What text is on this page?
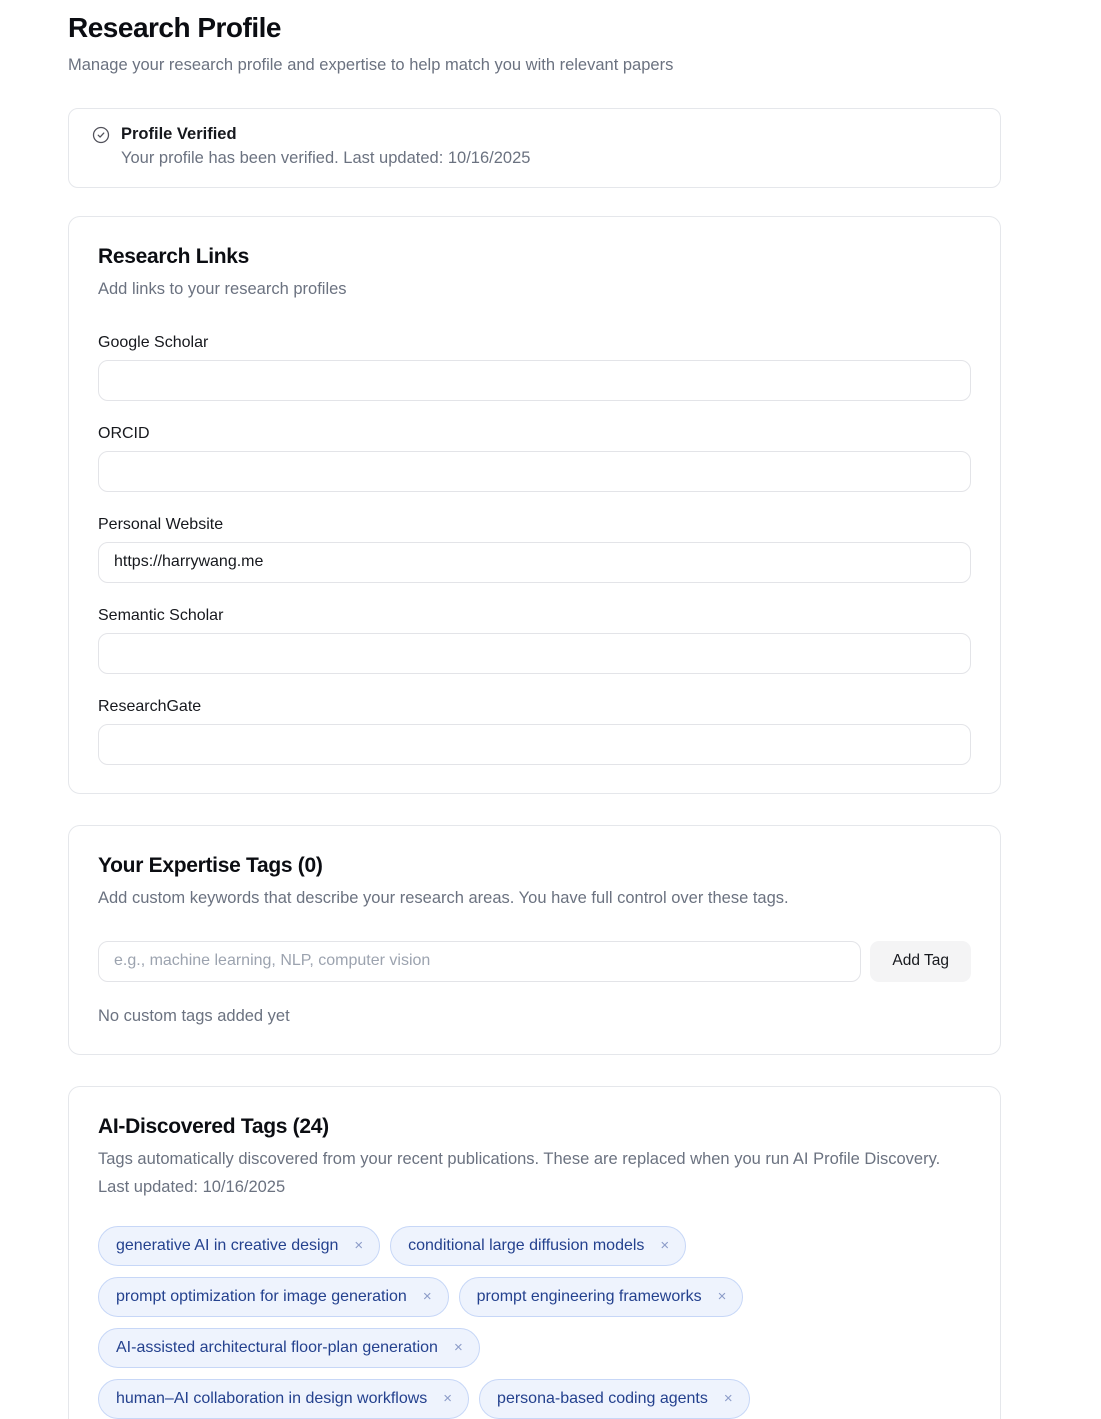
Research Profile

Manage your research profile and expertise to help match you with relevant papers

Profile Verified
Your profile has been verified. Last updated: 10/16/2025
Research Links

Add links to your research profiles

Google Scholar
ORCID
Personal Website
https://harrywang.me
Semantic Scholar
ResearchGate
Your Expertise Tags (0)

Add custom keywords that describe your research areas. You have full control over these tags.

e.g., machine learning, NLP, computer vision
Add Tag

No custom tags added yet

AI-Discovered Tags (24)

Tags automatically discovered from your recent publications. These are replaced when you run AI Profile Discovery.

Last updated: 10/16/2025

generative AI in creative design ×	conditional large diffusion models ×
prompt optimization for image generation ×	prompt engineering frameworks ×
AI-assisted architectural floor-plan generation ×
human–AI collaboration in design workflows ×	persona-based coding agents ×
